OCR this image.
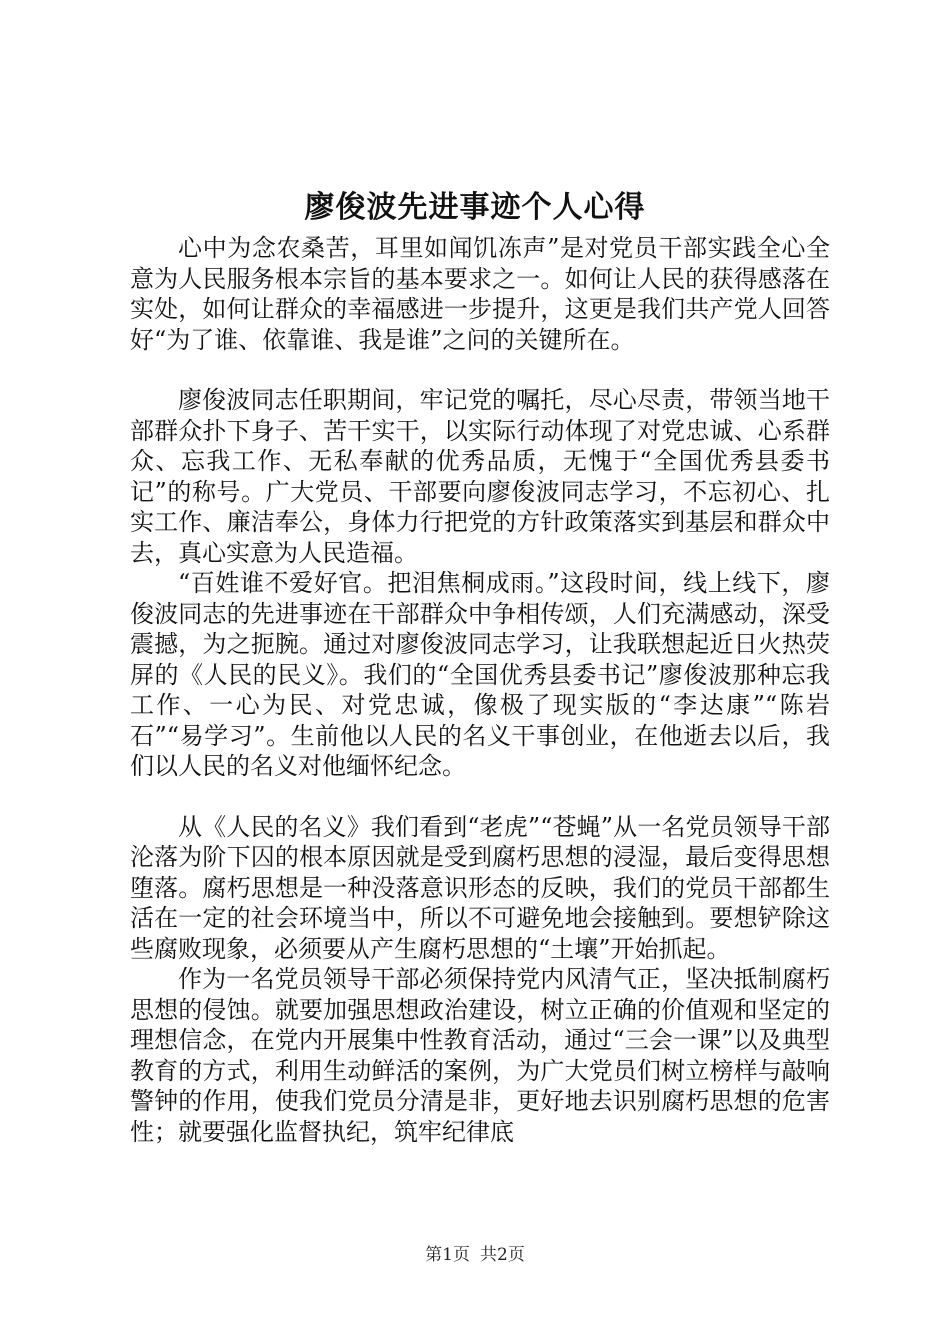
廖俊波先进事迹个人心得

心中为念农桑苦，耳里如闻饥冻声”是对党员干部实践全心全意为人民服务根本宗旨的基本要求之一。如何让人民的获得感落在实处，如何让群众的幸福感进一步提升，这更是我们共产党人回答好“为了谁、依靠谁、我是谁”之问的关键所在。

廖俊波同志任职期间，牢记党的嘱托，尽心尽责，带领当地干部群众扑下身子、苦干实干，以实际行动体现了对党忠诚、心系群众、忘我工作、无私奉献的优秀品质，无愧于“全国优秀县委书记”的称号。广大党员、干部要向廖俊波同志学习，不忘初心、扎实工作、廉洁奉公，身体力行把党的方针政策落实到基层和群众中去，真心实意为人民造福。

“百姓谁不爱好官。把泪焦桐成雨。”这段时间，线上线下，廖俊波同志的先进事迹在干部群众中争相传颂，人们充满感动，深受震撼，为之扼腕。通过对廖俊波同志学习，让我联想起近日火热荧屏的《人民的民义》。我们的“全国优秀县委书记”廖俊波那种忘我工作、一心为民、对党忠诚，像极了现实版的“李达康”“陈岩石”“易学习”。生前他以人民的名义干事创业，在他逝去以后，我们以人民的名义对他缅怀纪念。

从《人民的名义》我们看到“老虎”“苍蝇”从一名党员领导干部沦落为阶下囚的根本原因就是受到腐朽思想的浸湿，最后变得思想堕落。腐朽思想是一种没落意识形态的反映，我们的党员干部都生活在一定的社会环境当中，所以不可避免地会接触到。要想铲除这些腐败现象，必须要从产生腐朽思想的“土壤”开始抓起。

作为一名党员领导干部必须保持党内风清气正，坚决抵制腐朽思想的侵蚀。就要加强思想政治建设，树立正确的价值观和坚定的理想信念，在党内开展集中性教育活动，通过“三会一课”以及典型教育的方式，利用生动鲜活的案例，为广大党员们树立榜样与敲响警钟的作用，使我们党员分清是非，更好地去识别腐朽思想的危害性；就要强化监督执纪，筑牢纪律底

第1页 共2页
